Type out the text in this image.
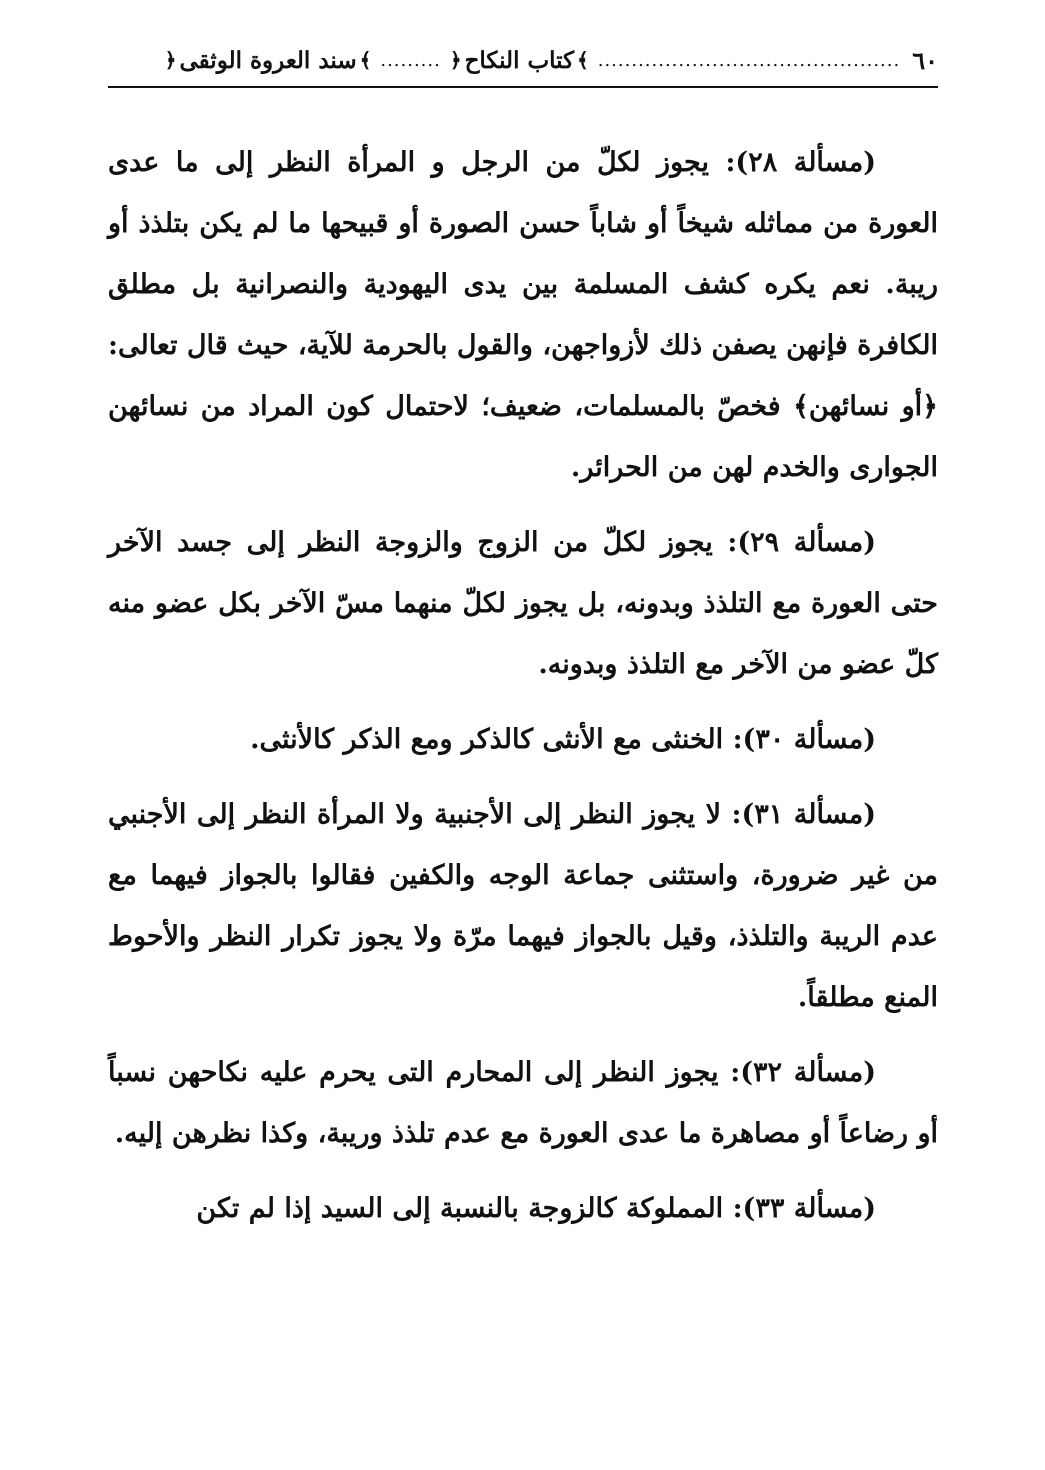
٦٠
.............................................
﴾
كتاب النكاح
﴿
.........
﴾
سند العروة الوثقى
﴿

(مسألة ٢٨): يجوز لكلّ من الرجل و المرأة النظر إلى ما عدى العورة من مماثله شيخاً أو شاباً حسن الصورة أو قبيحها ما لم يكن بتلذذ أو ريبة. نعم يكره كشف المسلمة بين يدى اليهودية والنصرانية بل مطلق الكافرة فإنهن يصفن ذلك لأزواجهن، والقول بالحرمة للآية، حيث قال تعالى: ﴿أو نسائهن﴾ فخصّ بالمسلمات، ضعيف؛ لاحتمال كون المراد من نسائهن الجوارى والخدم لهن من الحرائر.

(مسألة ٢٩): يجوز لكلّ من الزوج والزوجة النظر إلى جسد الآخر حتى العورة مع التلذذ وبدونه، بل يجوز لكلّ منهما مسّ الآخر بكل عضو منه كلّ عضو من الآخر مع التلذذ وبدونه.

(مسألة ٣٠): الخنثى مع الأنثى كالذكر ومع الذكر كالأنثى.

(مسألة ٣١): لا يجوز النظر إلى الأجنبية ولا المرأة النظر إلى الأجنبي من غير ضرورة، واستثنى جماعة الوجه والكفين فقالوا بالجواز فيهما مع عدم الريبة والتلذذ، وقيل بالجواز فيهما مرّة ولا يجوز تكرار النظر والأحوط المنع مطلقاً.

(مسألة ٣٢): يجوز النظر إلى المحارم التى يحرم عليه نكاحهن نسباً أو رضاعاً أو مصاهرة ما عدى العورة مع عدم تلذذ وريبة، وكذا نظرهن إليه.

(مسألة ٣٣): المملوكة كالزوجة بالنسبة إلى السيد إذا لم تكن
